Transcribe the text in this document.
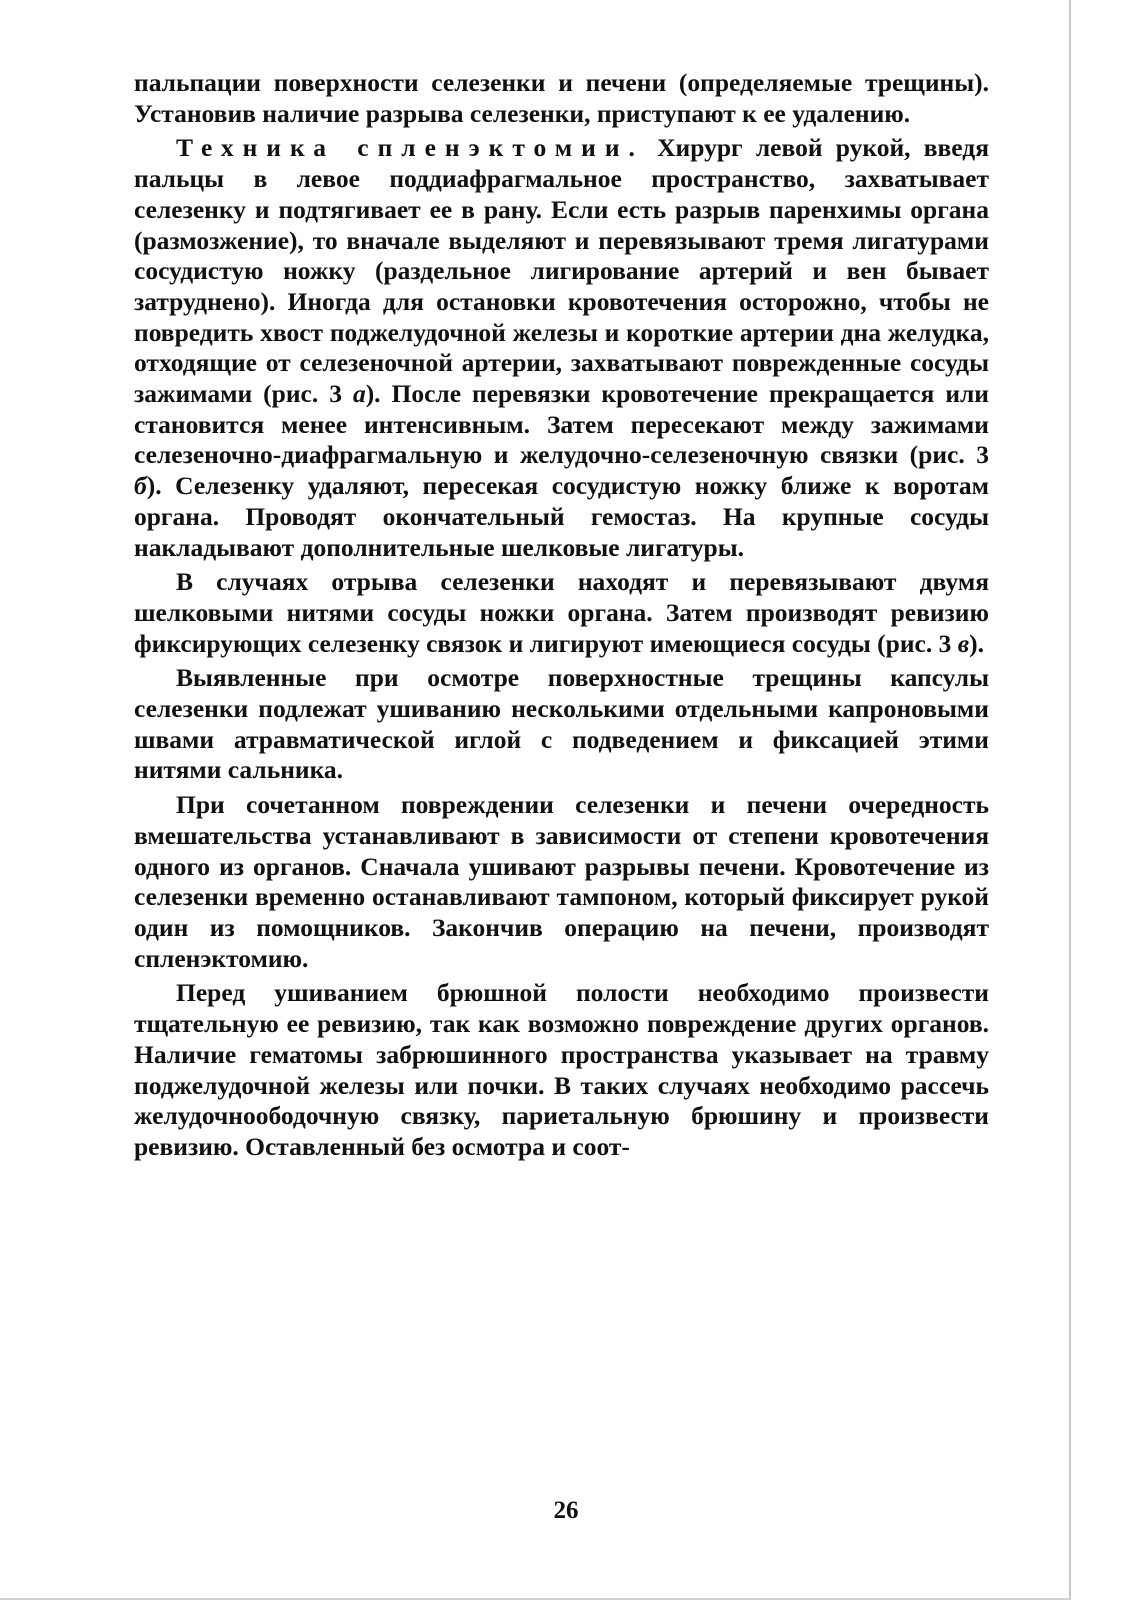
пальпации поверхности селезенки и печени (определяемые трещины). Установив наличие разрыва селезенки, приступают к ее удалению.

Техника спленэктомии. Хирург левой рукой, введя пальцы в левое поддиафрагмальное пространство, захватывает селезенку и подтягивает ее в рану. Если есть разрыв паренхимы органа (размозжение), то вначале выделяют и перевязывают тремя лигатурами сосудистую ножку (раздельное лигирование артерий и вен бывает затруднено). Иногда для остановки кровотечения осторожно, чтобы не повредить хвост поджелудочной железы и короткие артерии дна желудка, отходящие от селезеночной артерии, захватывают поврежденные сосуды зажимами (рис. 3 а). После перевязки кровотечение прекращается или становится менее интенсивным. Затем пересекают между зажимами селезеночно-диафрагмальную и желудочно-селезеночную связки (рис. 3 б). Селезенку удаляют, пересекая сосудистую ножку ближе к воротам органа. Проводят окончательный гемостаз. На крупные сосуды накладывают дополнительные шелковые лигатуры.

В случаях отрыва селезенки находят и перевязывают двумя шелковыми нитями сосуды ножки органа. Затем производят ревизию фиксирующих селезенку связок и лигируют имеющиеся сосуды (рис. 3 в).

Выявленные при осмотре поверхностные трещины капсулы селезенки подлежат ушиванию несколькими отдельными капроновыми швами атравматической иглой с подведением и фиксацией этими нитями сальника.

При сочетанном повреждении селезенки и печени очередность вмешательства устанавливают в зависимости от степени кровотечения одного из органов. Сначала ушивают разрывы печени. Кровотечение из селезенки временно останавливают тампоном, который фиксирует рукой один из помощников. Закончив операцию на печени, производят спленэктомию.

Перед ушиванием брюшной полости необходимо произвести тщательную ее ревизию, так как возможно повреждение других органов. Наличие гематомы забрюшинного пространства указывает на травму поджелудочной железы или почки. В таких случаях необходимо рассечь желудочноободочную связку, париетальную брюшину и произвести ревизию. Оставленный без осмотра и соот-

26
